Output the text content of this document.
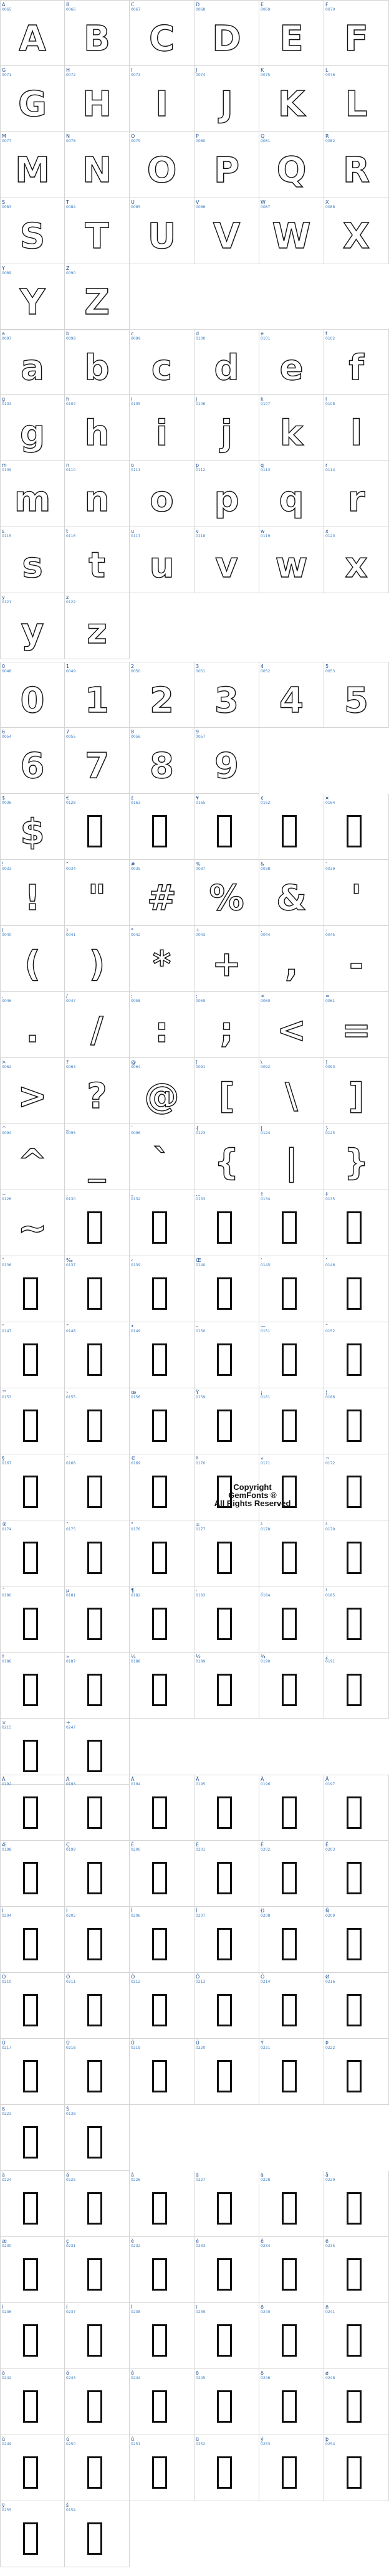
A
0065
A
B
0066
B
C
0067
C
D
0068
D
E
0069
E
F
0070
F
G
0071
G
H
0072
H
I
0073
I
J
0074
J
K
0075
K
L
0076
L
M
0077
M
N
0078
N
O
0079
O
P
0080
P
Q
0081
Q
R
0082
R
S
0083
S
T
0084
T
U
0085
U
V
0086
V
W
0087
W
X
0088
X
Y
0089
Y
Z
0090
Z
a
0097
a
b
0098
b
c
0099
c
d
0100
d
e
0101
e
f
0102
f
g
0103
g
h
0104
h
i
0105
i
j
0106
j
k
0107
k
l
0108
l
m
0109
m
n
0110
n
o
0111
o
p
0112
p
q
0113
q
r
0114
r
s
0115
s
t
0116
t
u
0117
u
v
0118
v
w
0119
w
x
0120
x
y
0121
y
z
0122
z
0
0048
0
1
0049
1
2
0050
2
3
0051
3
4
0052
4
5
0053
5
6
0054
6
7
0055
7
8
0056
8
9
0057
9
$
0036
$
€
0128
£
0163
¥
0165
¢
0162
¤
0164
!
0033
!
"
0034
"
#
0035
#
%
0037
%
&
0038
&
'
0039
'
(
0040
(
)
0041
)
*
0042
*
+
0043
+
,
0044
,
-
0045
-
.
0046
.
/
0047
/
:
0058
:
;
0059
;
<
0060
<
=
0061
=
>
0062
>
?
0063
?
@
0064
@
[
0091
[
\
0092
\
]
0093
]
^
0094
^
_
0095
_
`
0096
`
{
0123
{
|
0124
|
}
0125
}
~
0126
~
‚
0130
„
0132
…
0133
†
0134
‡
0135
ˆ
0136
‰
0137
‹
0139
Œ
0140
‘
0145
’
0146
“
0147
”
0148
•
0149
–
0150
—
0151
˜
0152
™
0153
›
0155
œ
0156
Ÿ
0159
¡
0161
¦
0166
§
0167
¨
0168
©
0169
ª
0170
«
0171
¬
0172
®
0174
¯
0175
°
0176
±
0177
²
0178
³
0179
´
0180
µ
0181
¶
0182
·
0183
¸
0184
¹
0185
º
0186
»
0187
¼
0188
½
0189
¾
0190
¿
0191
×
0215
÷
0247
À
0192
Á
0193
Â
0194
Ã
0195
Ä
0196
Å
0197
Æ
0198
Ç
0199
È
0200
É
0201
Ê
0202
Ë
0203
Ì
0204
Í
0205
Î
0206
Ï
0207
Ð
0208
Ñ
0209
Ò
0210
Ó
0211
Ô
0212
Õ
0213
Ö
0214
Ø
0216
Ù
0217
Ú
0218
Û
0219
Ü
0220
Ý
0221
Þ
0222
ß
0223
Š
0138
à
0224
á
0225
â
0226
ã
0227
ä
0228
å
0229
æ
0230
ç
0231
è
0232
é
0233
ê
0234
ë
0235
ì
0236
í
0237
î
0238
ï
0239
ð
0240
ñ
0241
ò
0242
ó
0243
ô
0244
õ
0245
ö
0246
ø
0248
ù
0249
ú
0250
û
0251
ü
0252
ý
0253
þ
0254
ÿ
0255
š
0154
Copyright
GemFonts ®
All Rights Reserved
